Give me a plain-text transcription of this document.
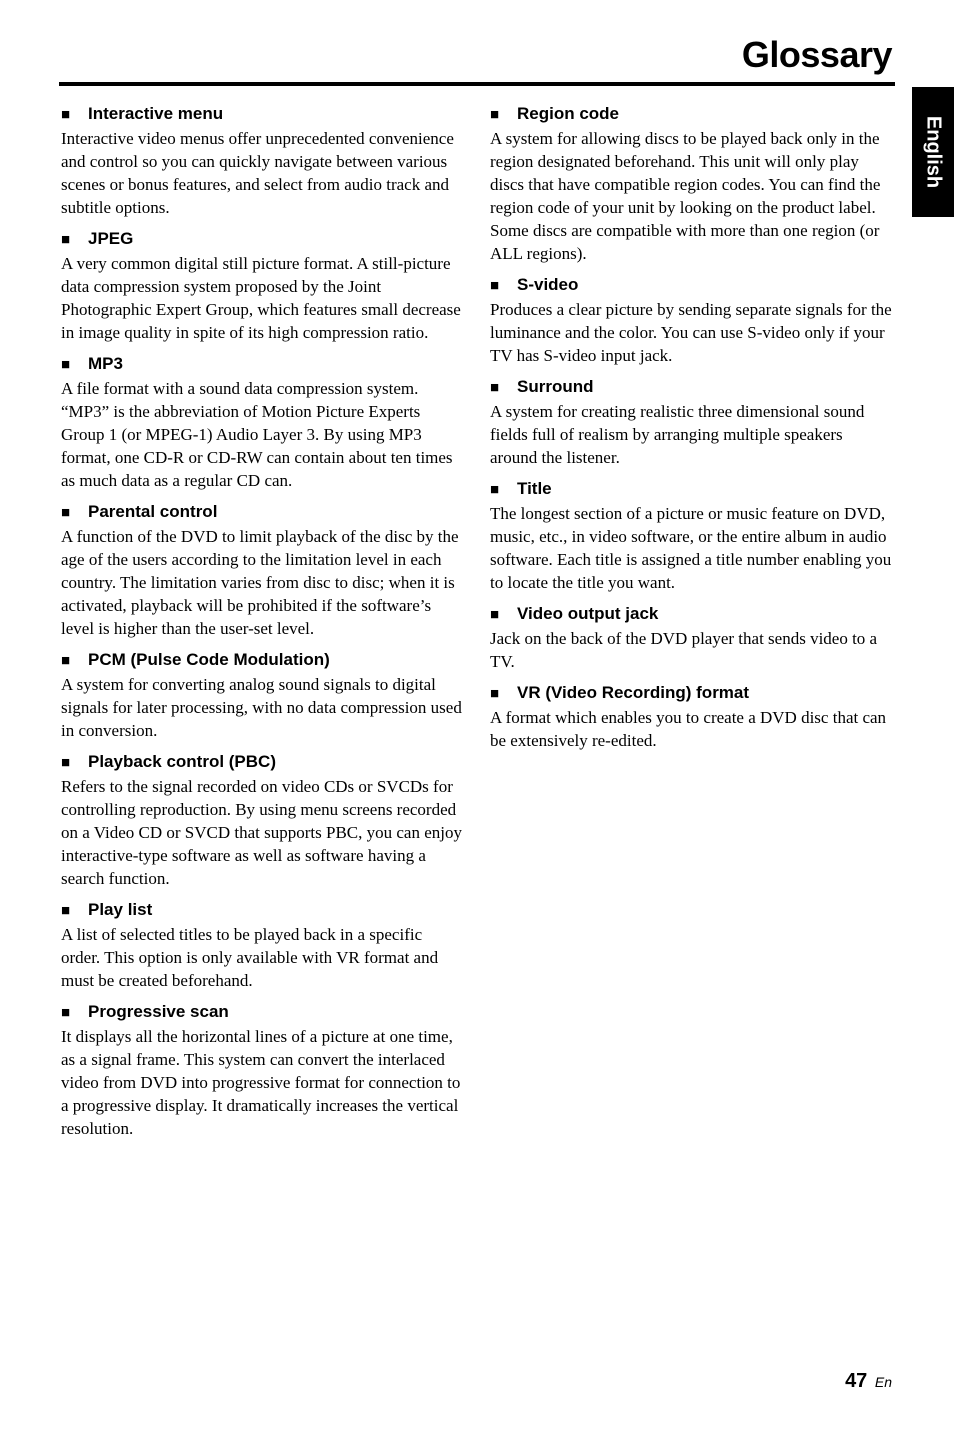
Glossary
English
■ Interactive menu

Interactive video menus offer unprecedented convenience and control so you can quickly navigate between various scenes or bonus features, and select from audio track and subtitle options.

■ JPEG

A very common digital still picture format. A still-picture data compression system proposed by the Joint Photographic Expert Group, which features small decrease in image quality in spite of its high compression ratio.

■ MP3

A file format with a sound data compression system. “MP3” is the abbreviation of Motion Picture Experts Group 1 (or MPEG-1) Audio Layer 3. By using MP3 format, one CD-R or CD-RW can contain about ten times as much data as a regular CD can.

■ Parental control

A function of the DVD to limit playback of the disc by the age of the users according to the limitation level in each country. The limitation varies from disc to disc; when it is activated, playback will be prohibited if the software’s level is higher than the user-set level.

■ PCM (Pulse Code Modulation)

A system for converting analog sound signals to digital signals for later processing, with no data compression used in conversion.

■ Playback control (PBC)

Refers to the signal recorded on video CDs or SVCDs for controlling reproduction. By using menu screens recorded on a Video CD or SVCD that supports PBC, you can enjoy interactive-type software as well as software having a search function.

■ Play list

A list of selected titles to be played back in a specific order. This option is only available with VR format and must be created beforehand.

■ Progressive scan

It displays all the horizontal lines of a picture at one time, as a signal frame. This system can convert the interlaced video from DVD into progressive format for connection to a progressive display. It dramatically increases the vertical resolution.

■ Region code

A system for allowing discs to be played back only in the region designated beforehand. This unit will only play discs that have compatible region codes. You can find the region code of your unit by looking on the product label. Some discs are compatible with more than one region (or ALL regions).

■ S-video

Produces a clear picture by sending separate signals for the luminance and the color. You can use S-video only if your TV has S-video input jack.

■ Surround

A system for creating realistic three dimensional sound fields full of realism by arranging multiple speakers around the listener.

■ Title

The longest section of a picture or music feature on DVD, music, etc., in video software, or the entire album in audio software. Each title is assigned a title number enabling you to locate the title you want.

■ Video output jack

Jack on the back of the DVD player that sends video to a TV.

■ VR (Video Recording) format

A format which enables you to create a DVD disc that can be extensively re-edited.

47 En
